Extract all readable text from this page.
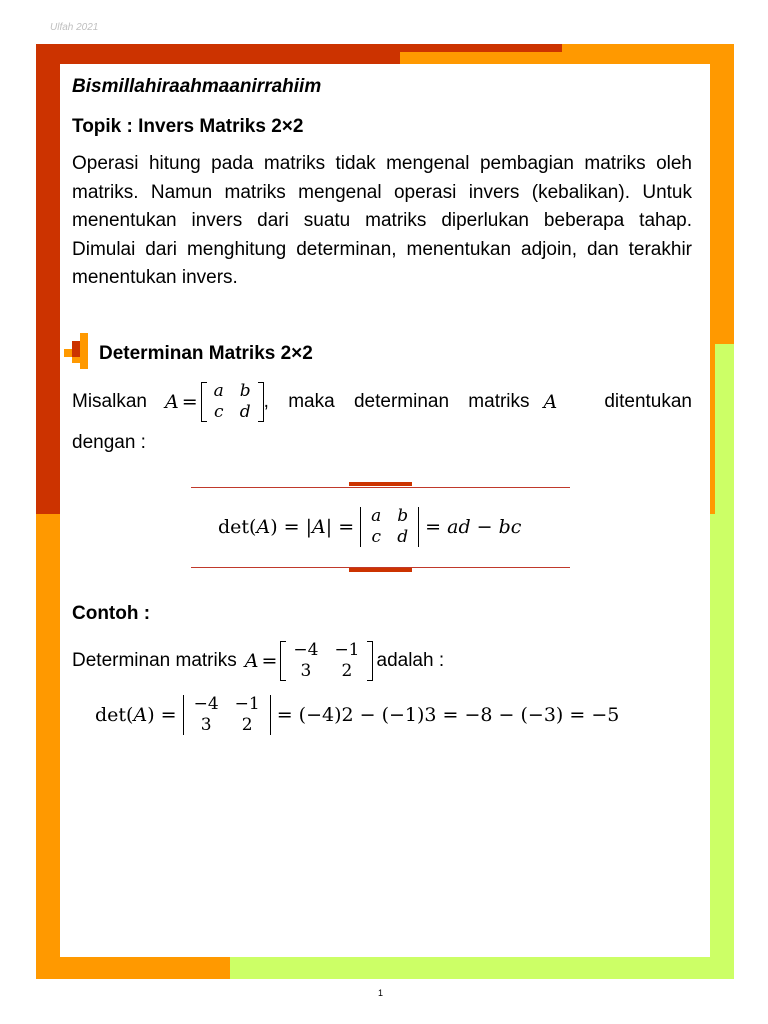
Ulfah 2021
Bismillahiraahmaanirrahiim
Topik : Invers Matriks 2×2
Operasi hitung pada matriks tidak mengenal pembagian matriks oleh matriks. Namun matriks mengenal operasi invers (kebalikan). Untuk menentukan invers dari suatu matriks diperlukan beberapa tahap. Dimulai dari menghitung determinan, menentukan adjoin, dan terakhir menentukan invers.
Determinan Matriks 2×2
Misalkan A = a	b
c	d , maka determinan matriks A ditentukan
dengan :
det( A ) = | A | = a	b
c	d = ad − bc
Contoh :
Determinan matriks A = −4	−1
3	2 adalah :
det( A ) = −4	−1
3	2 = (−4)2 − (−1)3 = −8 − (−3) = −5
1
